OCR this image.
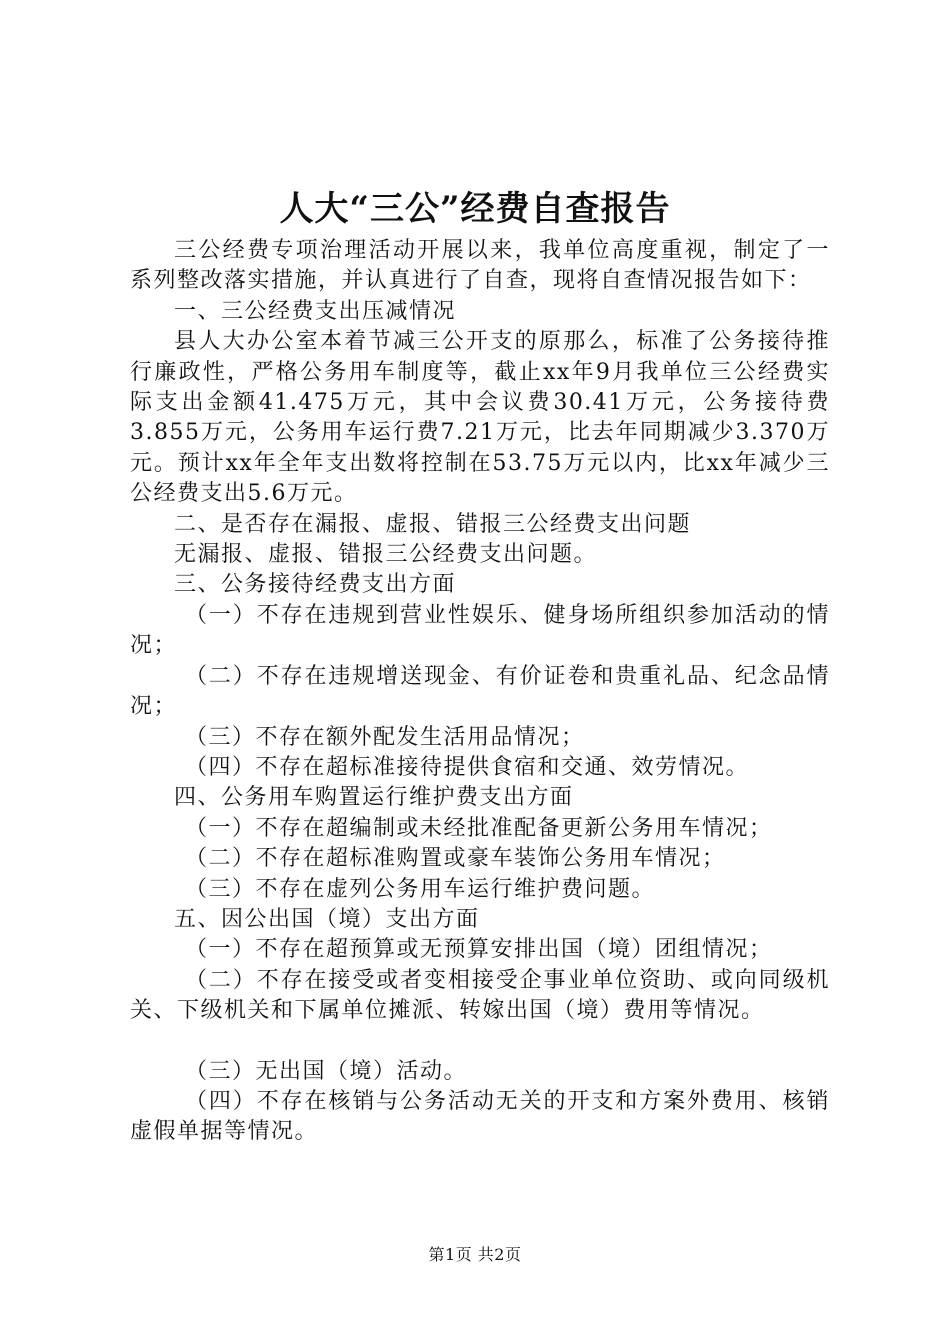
人大“三公”经费自查报告

三公经费专项治理活动开展以来，我单位高度重视，制定了一系列整改落实措施，并认真进行了自查，现将自查情况报告如下：

一、三公经费支出压减情况

县人大办公室本着节减三公开支的原那么，标准了公务接待推行廉政性，严格公务用车制度等，截止xx年9月我单位三公经费实际支出金额41.475万元，其中会议费30.41万元，公务接待费3.855万元，公务用车运行费7.21万元，比去年同期减少3.370万元。预计xx年全年支出数将控制在53.75万元以内，比xx年减少三公经费支出5.6万元。

二、是否存在漏报、虚报、错报三公经费支出问题

无漏报、虚报、错报三公经费支出问题。

三、公务接待经费支出方面

（一）不存在违规到营业性娱乐、健身场所组织参加活动的情况；

（二）不存在违规增送现金、有价证卷和贵重礼品、纪念品情况；

（三）不存在额外配发生活用品情况；

（四）不存在超标准接待提供食宿和交通、效劳情况。

四、公务用车购置运行维护费支出方面

（一）不存在超编制或未经批准配备更新公务用车情况；

（二）不存在超标准购置或豪车装饰公务用车情况；

（三）不存在虚列公务用车运行维护费问题。

五、因公出国（境）支出方面

（一）不存在超预算或无预算安排出国（境）团组情况；

（二）不存在接受或者变相接受企事业单位资助、或向同级机关、下级机关和下属单位摊派、转嫁出国（境）费用等情况。

（三）无出国（境）活动。

（四）不存在核销与公务活动无关的开支和方案外费用、核销虚假单据等情况。

第1页 共2页
